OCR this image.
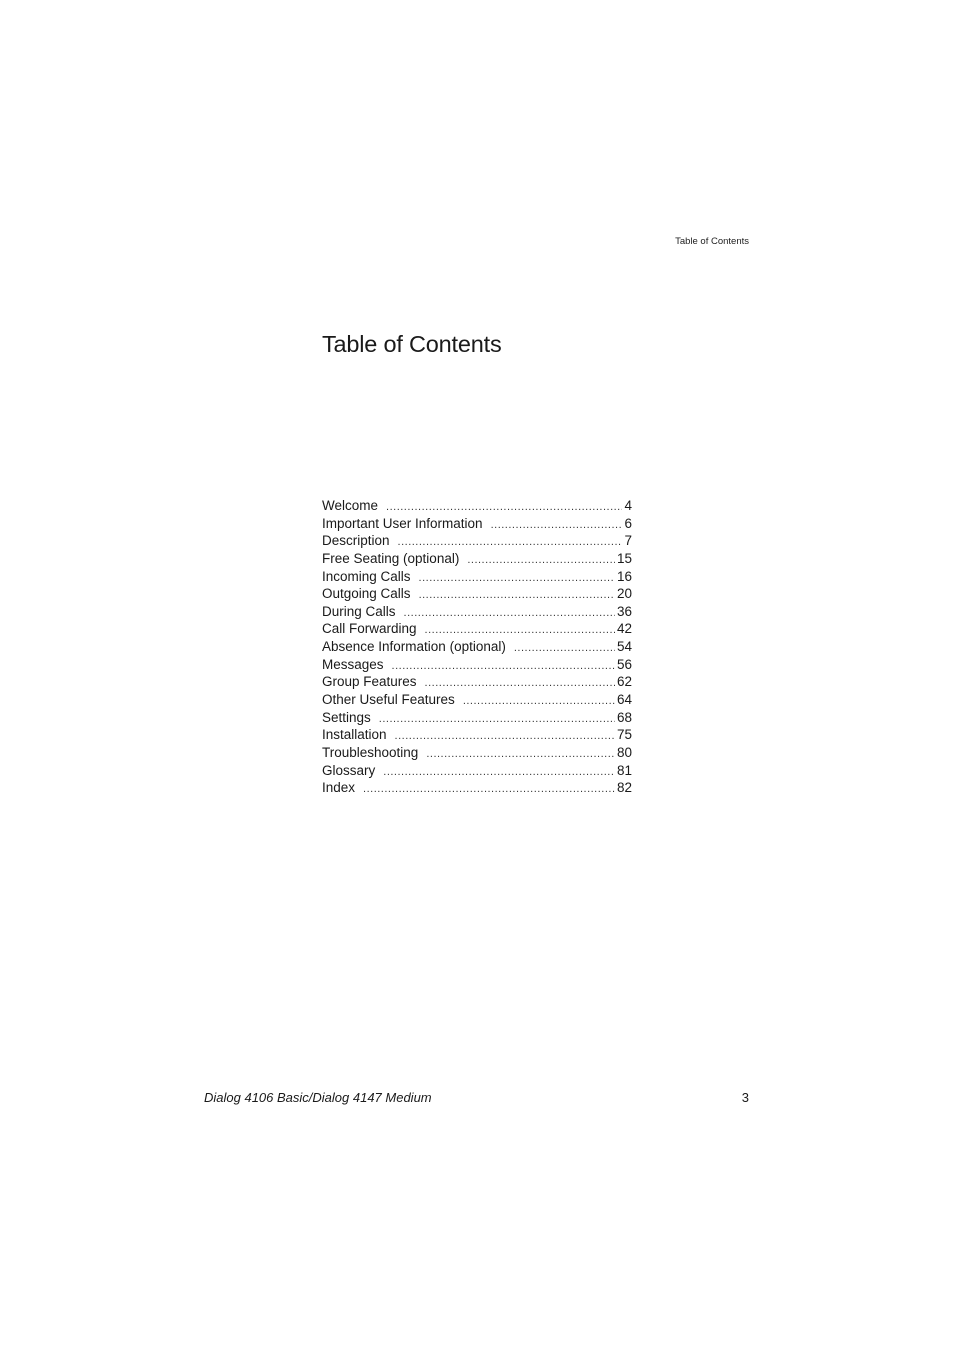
Table of Contents
Table of Contents
Welcome .....	4
Important User Information .....	6
Description .....	7
Free Seating (optional) .....	15
Incoming Calls .....	16
Outgoing Calls .....	20
During Calls .....	36
Call Forwarding .....	42
Absence Information (optional) .....	54
Messages .....	56
Group Features .....	62
Other Useful Features .....	64
Settings .....	68
Installation .....	75
Troubleshooting .....	80
Glossary .....	81
Index .....	82
Dialog 4106 Basic/Dialog 4147 Medium	3
